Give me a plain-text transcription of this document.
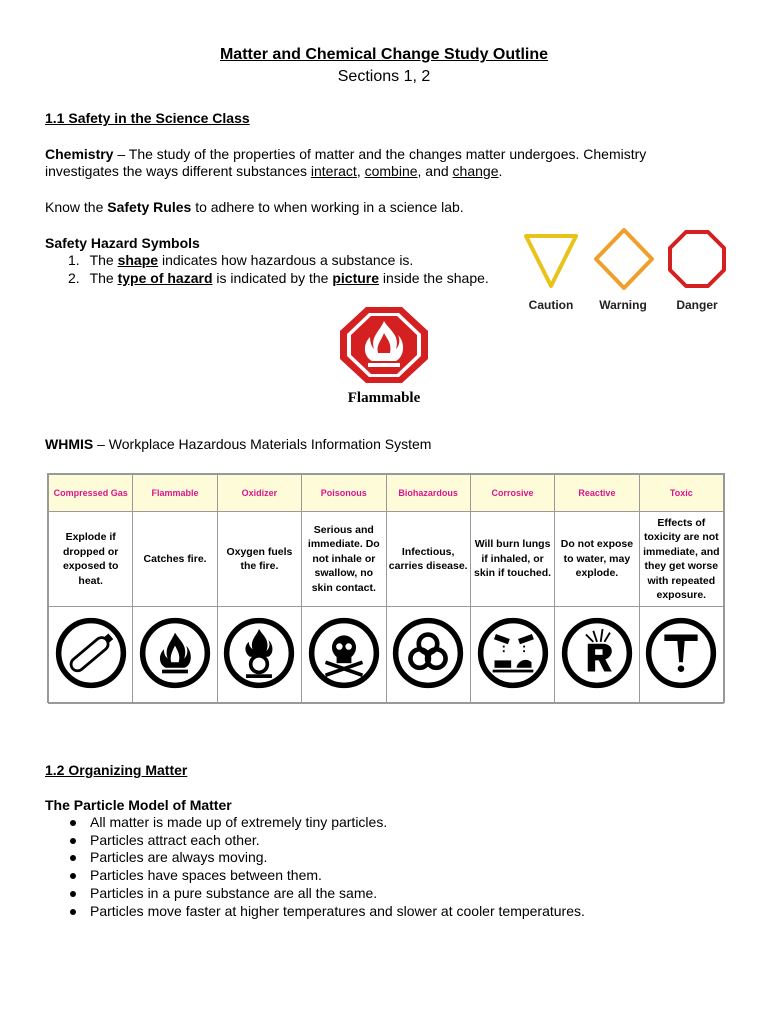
Matter and Chemical Change Study Outline
Sections 1, 2
1.1 Safety in the Science Class
Chemistry – The study of the properties of matter and the changes matter undergoes. Chemistry
investigates the ways different substances interact, combine, and change.
Know the Safety Rules to adhere to when working in a science lab.
Safety Hazard Symbols
1. The shape indicates how hazardous a substance is.
2. The type of hazard is indicated by the picture inside the shape.
Caution	Warning	Danger
Flammable
WHMIS – Workplace Hazardous Materials Information System
Compressed Gas	Flammable	Oxidizer	Poisonous	Biohazardous	Corrosive	Reactive	Toxic
Explode if dropped or exposed to heat.	Catches fire.	Oxygen fuels the fire.	Serious and immediate. Do not inhale or swallow, no skin contact.	Infectious, carries disease.	Will burn lungs if inhaled, or skin if touched.	Do not expose to water, may explode.	Effects of toxicity are not immediate, and they get worse with repeated exposure.

1.2 Organizing Matter
The Particle Model of Matter
All matter is made up of extremely tiny particles.
Particles attract each other.
Particles are always moving.
Particles have spaces between them.
Particles in a pure substance are all the same.
Particles move faster at higher temperatures and slower at cooler temperatures.
